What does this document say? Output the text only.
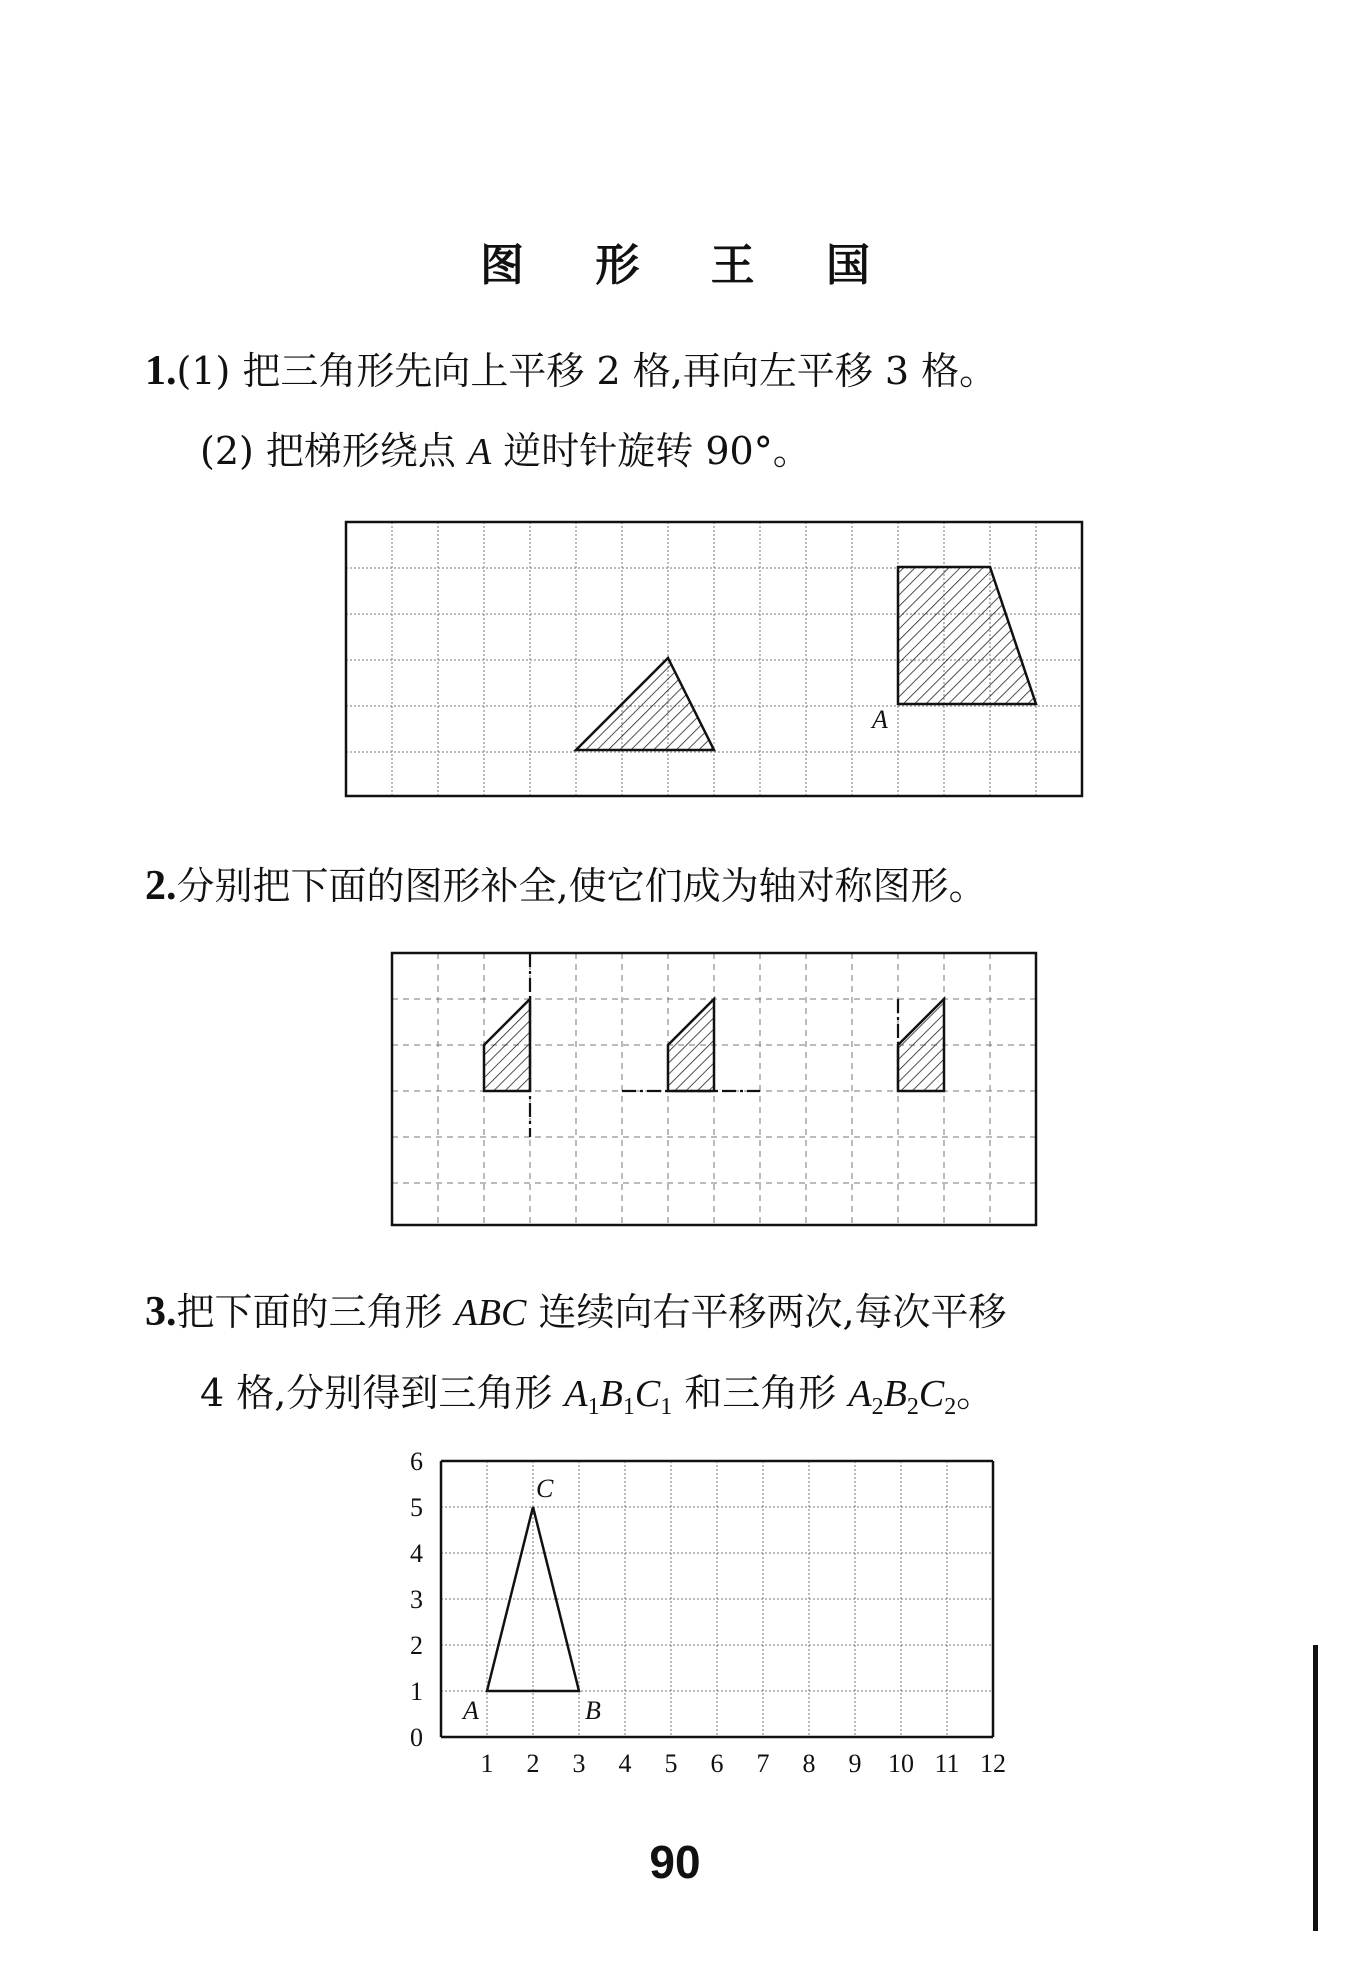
图 形 王 国
1.(1) 把三角形先向上平移 2 格,再向左平移 3 格。
(2) 把梯形绕点 A 逆时针旋转 90°。
2.分别把下面的图形补全,使它们成为轴对称图形。
3.把下面的三角形 ABC 连续向右平移两次,每次平移
4 格,分别得到三角形 $A_1B_1C_1$ 和三角形 $A_2B_2C_2$。
A
1 2 3 4 5 6 7 8 9 10 11 12
0
1
2
3
4
5
6
A	B
C
90
